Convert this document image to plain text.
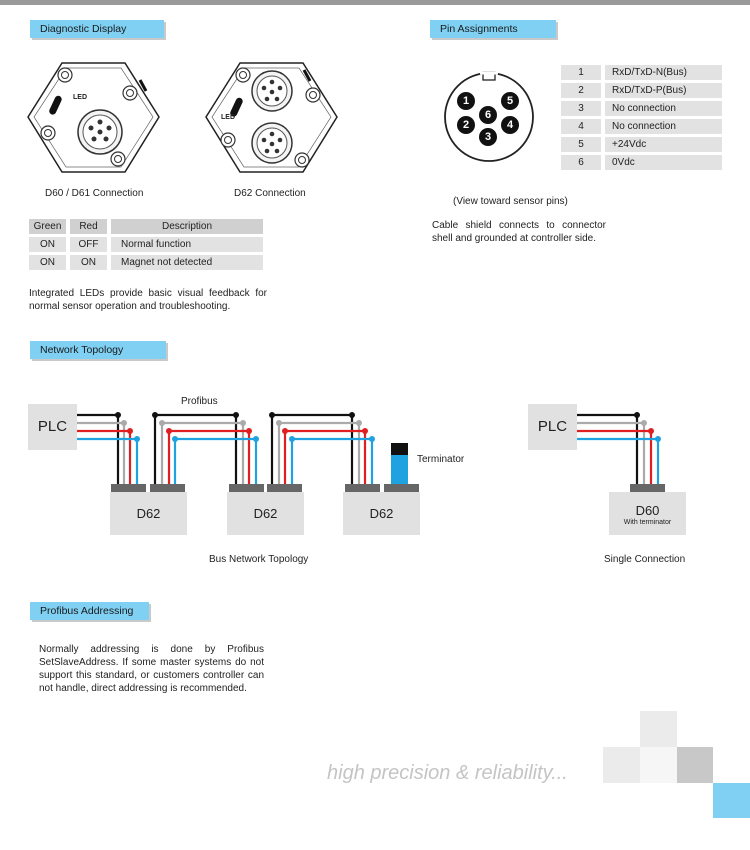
Diagnostic Display
LED
D60 / D61 Connection
LED
D62 Connection
Green		Red		Description
ON		OFF		Normal function
ON		ON		Magnet not detected
Integrated LEDs provide basic visual feedback for normal sensor operation and troubleshooting.
Pin Assignments
1
2
3
4
5
6
1		RxD/TxD-N(Bus)
2		RxD/TxD-P(Bus)
3		No connection
4		No connection
5		+24Vdc
6		0Vdc
(View toward sensor pins)
Cable shield connects to connector shell and grounded at controller side.
Network Topology
PLC
Profibus
D62	D62	D62
Terminator
Bus Network Topology
PLC
D60
With terminator
Single Connection
Profibus Addressing
Normally addressing is done by Profibus SetSlaveAddress. If some master systems do not support this standard, or customers controller can not handle, direct addressing is recommended.
high precision & reliability...
